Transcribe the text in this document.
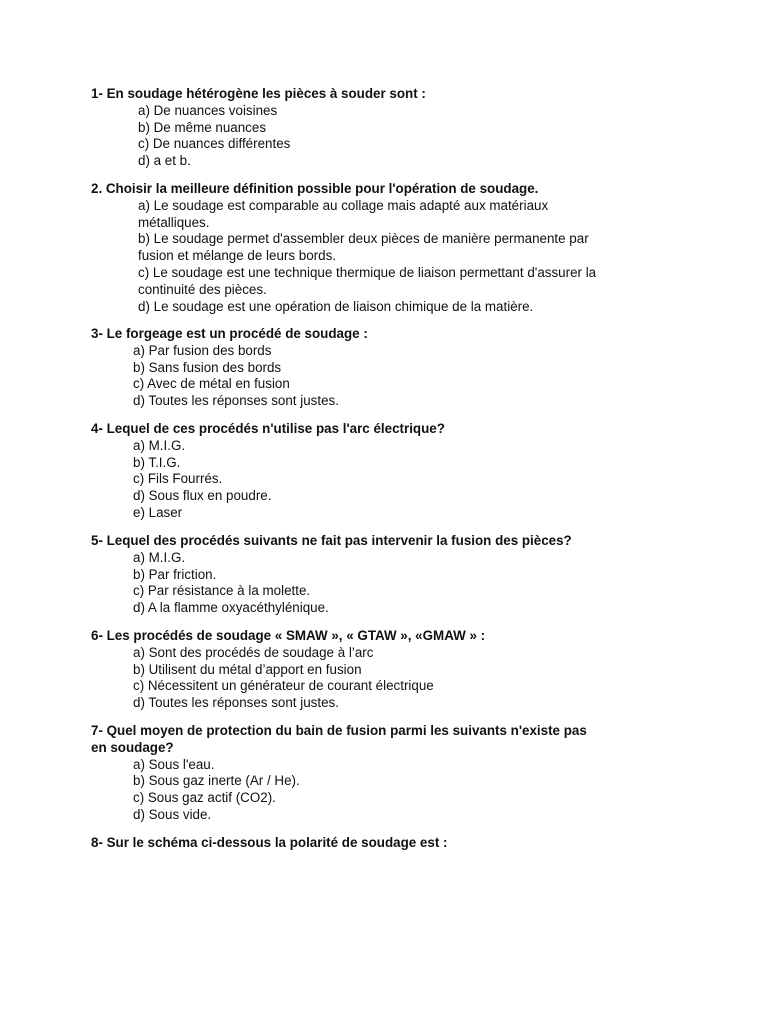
1- En soudage hétérogène les pièces à souder sont :
a) De nuances voisines
b) De même nuances
c) De nuances différentes
d) a et b.
2. Choisir la meilleure définition possible pour l'opération de soudage.
a) Le soudage est comparable au collage mais adapté aux matériaux
métalliques.
b) Le soudage permet d'assembler deux pièces de manière permanente par
fusion et mélange de leurs bords.
c) Le soudage est une technique thermique de liaison permettant d'assurer la
continuité des pièces.
d) Le soudage est une opération de liaison chimique de la matière.
3- Le forgeage est un procédé de soudage :
a) Par fusion des bords
b) Sans fusion des bords
c) Avec de métal en fusion
d) Toutes les réponses sont justes.
4- Lequel de ces procédés n'utilise pas l'arc électrique?
a) M.I.G.
b) T.I.G.
c) Fils Fourrés.
d) Sous flux en poudre.
e) Laser
5- Lequel des procédés suivants ne fait pas intervenir la fusion des pièces?
a) M.I.G.
b) Par friction.
c) Par résistance à la molette.
d) A la flamme oxyacéthylénique.
6- Les procédés de soudage « SMAW », « GTAW », «GMAW » :
a) Sont des procédés de soudage à l’arc
b) Utilisent du métal d’apport en fusion
c) Nécessitent un générateur de courant électrique
d) Toutes les réponses sont justes.
7- Quel moyen de protection du bain de fusion parmi les suivants n'existe pas
en soudage?
a) Sous l'eau.
b) Sous gaz inerte (Ar / He).
c) Sous gaz actif (CO2).
d) Sous vide.
8- Sur le schéma ci-dessous la polarité de soudage est :
